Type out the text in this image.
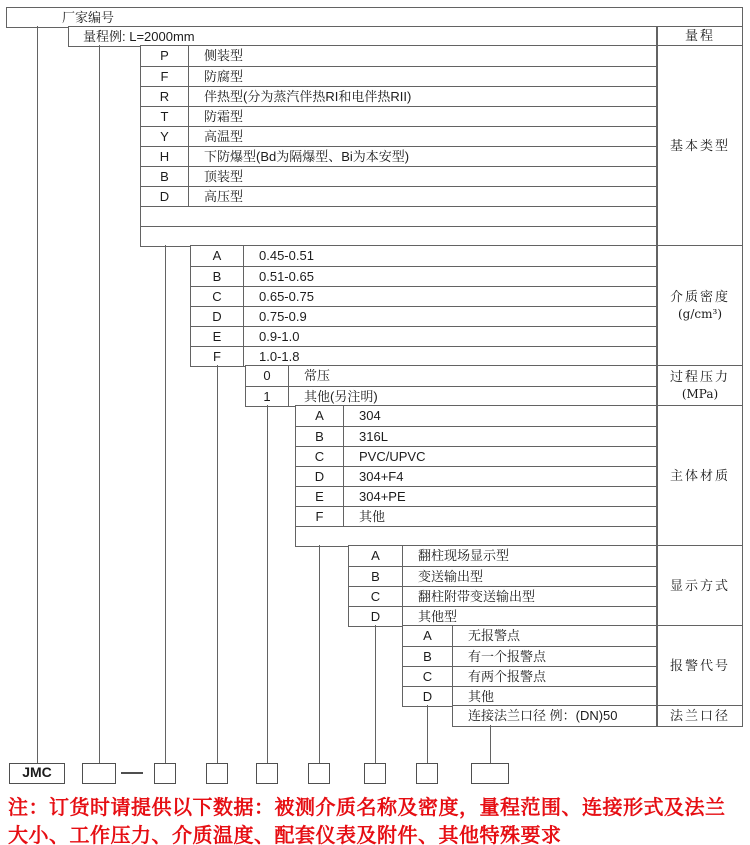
厂家编号
量程例: L=2000mm	量程
注：订货时请提供以下数据：被测介质名称及密度，量程范围、连接形式及法兰
大小、工作压力、介质温度、配套仪表及附件、其他特殊要求
P	侧装型
F	防腐型
R	伴热型(分为蒸汽伴热RI和电伴热RII)
T	防霜型
Y	高温型
H	下防爆型(Bd为隔爆型、Bi为本安型)
B	顶装型
D	高压型
基本类型
A	0.45-0.51
B	0.51-0.65
C	0.65-0.75
D	0.75-0.9
E	0.9-1.0
F	1.0-1.8
介质密度
(g/cm³)
0	常压
1	其他(另注明)
过程压力
(MPa)
A	304
B	316L
C	PVC/UPVC
D	304+F4
E	304+PE
F	其他
主体材质
A	翻柱现场显示型
B	变送输出型
C	翻柱附带变送输出型
D	其他型
显示方式
A	无报警点
B	有一个报警点
C	有两个报警点
D	其他
报警代号
连接法兰口径 例：(DN)50	法兰口径
JMC
